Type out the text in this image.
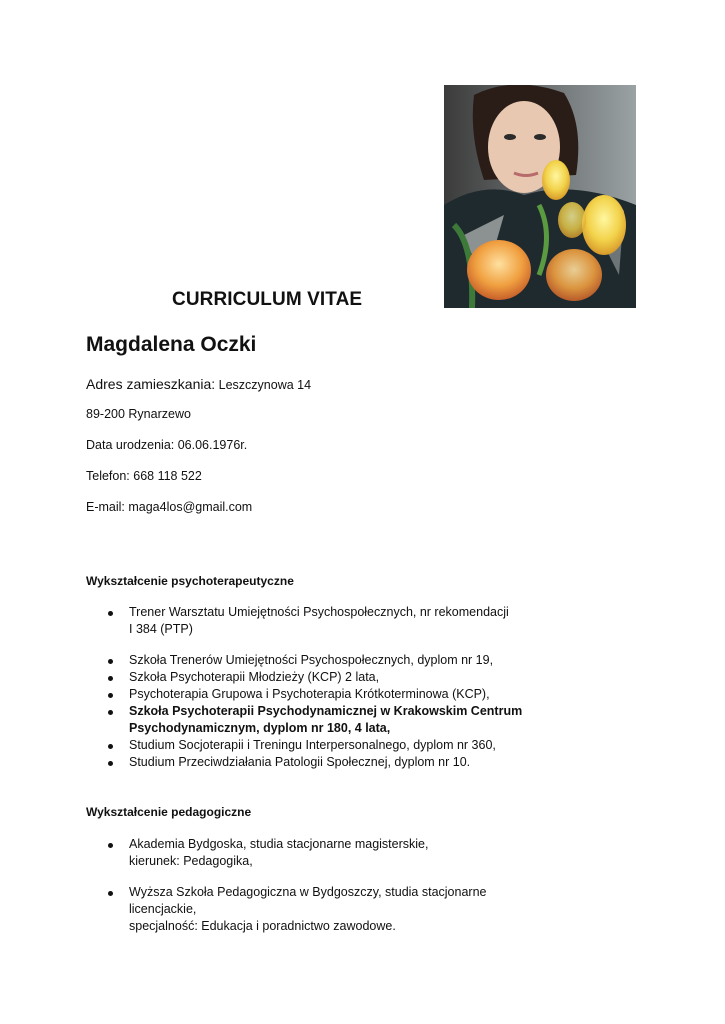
CURRICULUM VITAE
Magdalena Oczki
Adres zamieszkania: Leszczynowa 14
89-200 Rynarzewo
Data urodzenia: 06.06.1976r.
Telefon: 668 118 522
E-mail: maga4los@gmail.com
Wykształcenie psychoterapeutyczne
Trener Warsztatu Umiejętności Psychospołecznych, nr rekomendacji
I 384 (PTP)
Szkoła Trenerów Umiejętności Psychospołecznych, dyplom nr 19,
Szkoła Psychoterapii Młodzieży (KCP) 2 lata,
Psychoterapia Grupowa i Psychoterapia Krótkoterminowa (KCP),
Szkoła Psychoterapii Psychodynamicznej w Krakowskim Centrum
Psychodynamicznym, dyplom nr 180, 4 lata,
Studium Socjoterapii i Treningu Interpersonalnego, dyplom nr 360,
Studium Przeciwdziałania Patologii Społecznej, dyplom nr 10.
Wykształcenie pedagogiczne
Akademia Bydgoska, studia stacjonarne magisterskie,
kierunek: Pedagogika,
Wyższa Szkoła Pedagogiczna w Bydgoszczy, studia stacjonarne licencjackie,
specjalność: Edukacja i poradnictwo zawodowe.
